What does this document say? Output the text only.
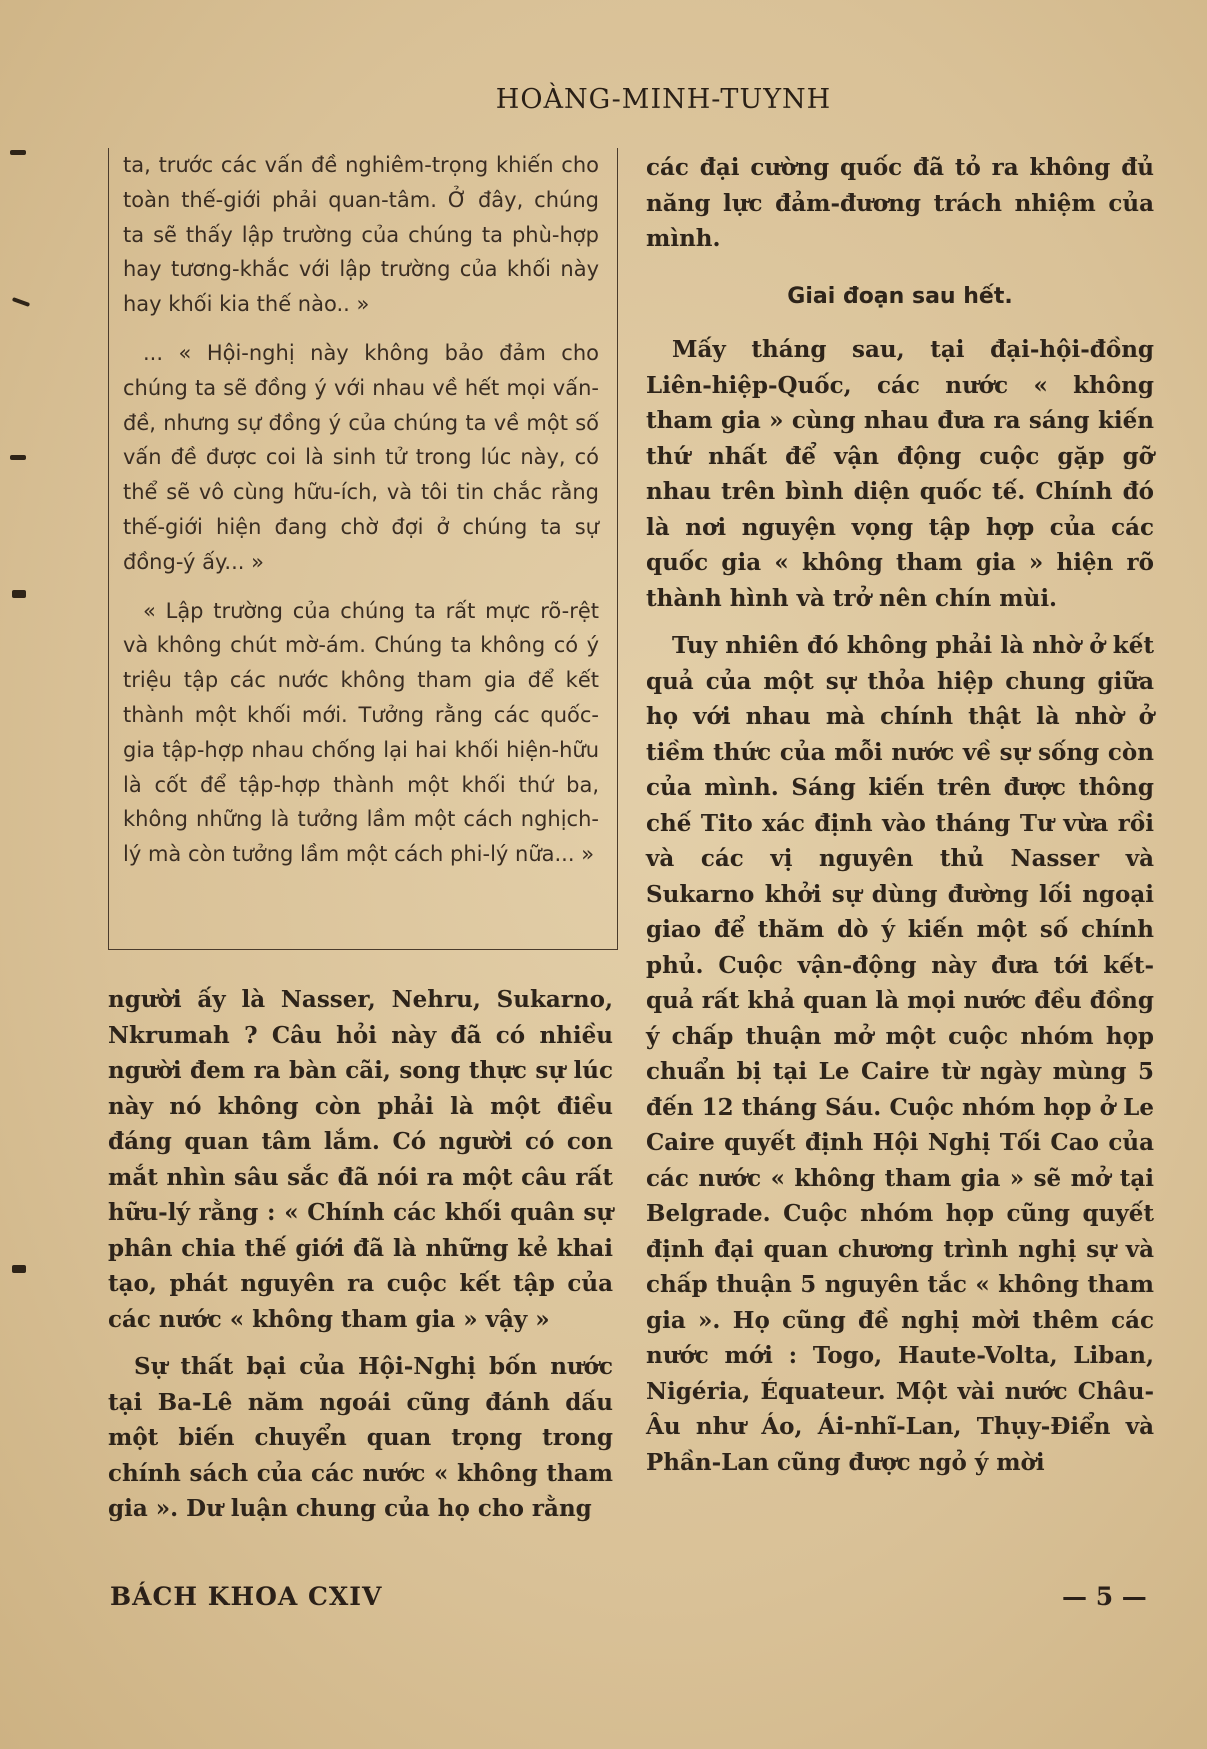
HOÀNG-MINH-TUYNH

ta, trước các vấn đề nghiêm-trọng khiến cho toàn thế-giới phải quan-tâm. Ở đây, chúng ta sẽ thấy lập trường của chúng ta phù-hợp hay tương-khắc với lập trường của khối này hay khối kia thế nào.. »

... « Hội-nghị này không bảo đảm cho chúng ta sẽ đồng ý với nhau về hết mọi vấn-đề, nhưng sự đồng ý của chúng ta về một số vấn đề được coi là sinh tử trong lúc này, có thể sẽ vô cùng hữu-ích, và tôi tin chắc rằng thế-giới hiện đang chờ đợi ở chúng ta sự đồng-ý ấy... »

« Lập trường của chúng ta rất mực rõ-rệt và không chút mờ-ám. Chúng ta không có ý triệu tập các nước không tham gia để kết thành một khối mới. Tưởng rằng các quốc-gia tập-hợp nhau chống lại hai khối hiện-hữu là cốt để tập-hợp thành một khối thứ ba, không những là tưởng lầm một cách nghịch-lý mà còn tưởng lầm một cách phi-lý nữa... »

người ấy là Nasser, Nehru, Sukarno, Nkrumah ? Câu hỏi này đã có nhiều người đem ra bàn cãi, song thực sự lúc này nó không còn phải là một điều đáng quan tâm lắm. Có người có con mắt nhìn sâu sắc đã nói ra một câu rất hữu-lý rằng : « Chính các khối quân sự phân chia thế giới đã là những kẻ khai tạo, phát nguyên ra cuộc kết tập của các nước « không tham gia » vậy »

Sự thất bại của Hội-Nghị bốn nước tại Ba-Lê năm ngoái cũng đánh dấu một biến chuyển quan trọng trong chính sách của các nước « không tham gia ». Dư luận chung của họ cho rằng

các đại cường quốc đã tỏ ra không đủ năng lực đảm-đương trách nhiệm của mình.

Giai đoạn sau hết.

Mấy tháng sau, tại đại-hội-đồng Liên-hiệp-Quốc, các nước « không tham gia » cùng nhau đưa ra sáng kiến thứ nhất để vận động cuộc gặp gỡ nhau trên bình diện quốc tế. Chính đó là nơi nguyện vọng tập hợp của các quốc gia « không tham gia » hiện rõ thành hình và trở nên chín mùi.

Tuy nhiên đó không phải là nhờ ở kết quả của một sự thỏa hiệp chung giữa họ với nhau mà chính thật là nhờ ở tiềm thức của mỗi nước về sự sống còn của mình. Sáng kiến trên được thông chế Tito xác định vào tháng Tư vừa rồi và các vị nguyên thủ Nasser và Sukarno khởi sự dùng đường lối ngoại giao để thăm dò ý kiến một số chính phủ. Cuộc vận-động này đưa tới kết-quả rất khả quan là mọi nước đều đồng ý chấp thuận mở một cuộc nhóm họp chuẩn bị tại Le Caire từ ngày mùng 5 đến 12 tháng Sáu. Cuộc nhóm họp ở Le Caire quyết định Hội Nghị Tối Cao của các nước « không tham gia » sẽ mở tại Belgrade. Cuộc nhóm họp cũng quyết định đại quan chương trình nghị sự và chấp thuận 5 nguyên tắc « không tham gia ». Họ cũng đề nghị mời thêm các nước mới : Togo, Haute-Volta, Liban, Nigéria, Équateur. Một vài nước Châu-Âu như Áo, Ái-nhĩ-Lan, Thụy-Điển và Phần-Lan cũng được ngỏ ý mời

BÁCH KHOA CXIV	— 5 —
